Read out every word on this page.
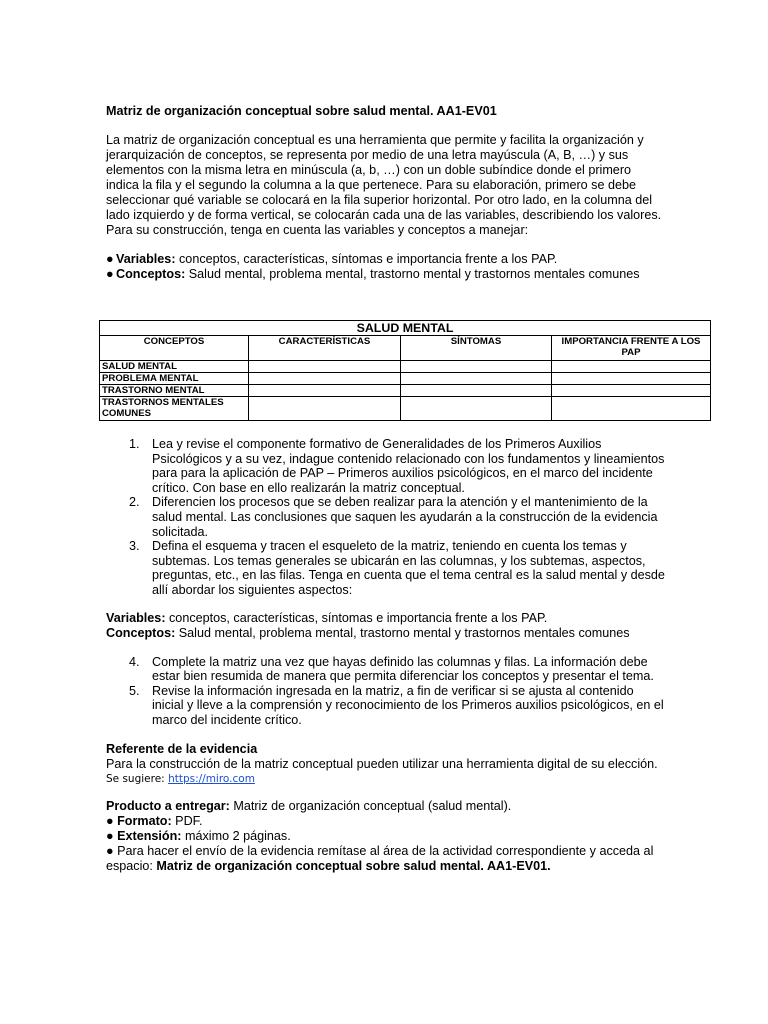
Matriz de organización conceptual sobre salud mental. AA1-EV01

La matriz de organización conceptual es una herramienta que permite y facilita la organización y jerarquización de conceptos, se representa por medio de una letra mayúscula (A, B, …) y sus elementos con la misma letra en minúscula (a, b, …) con un doble subíndice donde el primero indica la fila y el segundo la columna a la que pertenece. Para su elaboración, primero se debe seleccionar qué variable se colocará en la fila superior horizontal. Por otro lado, en la columna del lado izquierdo y de forma vertical, se colocarán cada una de las variables, describiendo los valores. Para su construcción, tenga en cuenta las variables y conceptos a manejar:

● Variables: conceptos, características, síntomas e importancia frente a los PAP.

● Conceptos: Salud mental, problema mental, trastorno mental y trastornos mentales comunes

SALUD MENTAL			
CONCEPTOS	CARACTERÍSTICAS	SÍNTOMAS	IMPORTANCIA FRENTE A LOS PAP
SALUD MENTAL			
PROBLEMA MENTAL			
TRASTORNO MENTAL			
TRASTORNOS MENTALES COMUNES			
1. Lea y revise el componente formativo de Generalidades de los Primeros Auxilios Psicológicos y a su vez, indague contenido relacionado con los fundamentos y lineamientos para para la aplicación de PAP – Primeros auxilios psicológicos, en el marco del incidente crítico. Con base en ello realizarán la matriz conceptual.
2. Diferencien los procesos que se deben realizar para la atención y el mantenimiento de la salud mental. Las conclusiones que saquen les ayudarán a la construcción de la evidencia solicitada.
3. Defina el esquema y tracen el esqueleto de la matriz, teniendo en cuenta los temas y subtemas. Los temas generales se ubicarán en las columnas, y los subtemas, aspectos, preguntas, etc., en las filas. Tenga en cuenta que el tema central es la salud mental y desde allí abordar los siguientes aspectos:

Variables: conceptos, características, síntomas e importancia frente a los PAP.

Conceptos: Salud mental, problema mental, trastorno mental y trastornos mentales comunes

4. Complete la matriz una vez que hayas definido las columnas y filas. La información debe estar bien resumida de manera que permita diferenciar los conceptos y presentar el tema.
5. Revise la información ingresada en la matriz, a fin de verificar si se ajusta al contenido inicial y lleve a la comprensión y reconocimiento de los Primeros auxilios psicológicos, en el marco del incidente crítico.

Referente de la evidencia

Para la construcción de la matriz conceptual pueden utilizar una herramienta digital de su elección.

Se sugiere: https://miro.com

Producto a entregar: Matriz de organización conceptual (salud mental).

● Formato: PDF.

● Extensión: máximo 2 páginas.

● Para hacer el envío de la evidencia remítase al área de la actividad correspondiente y acceda al espacio: Matriz de organización conceptual sobre salud mental. AA1-EV01.
